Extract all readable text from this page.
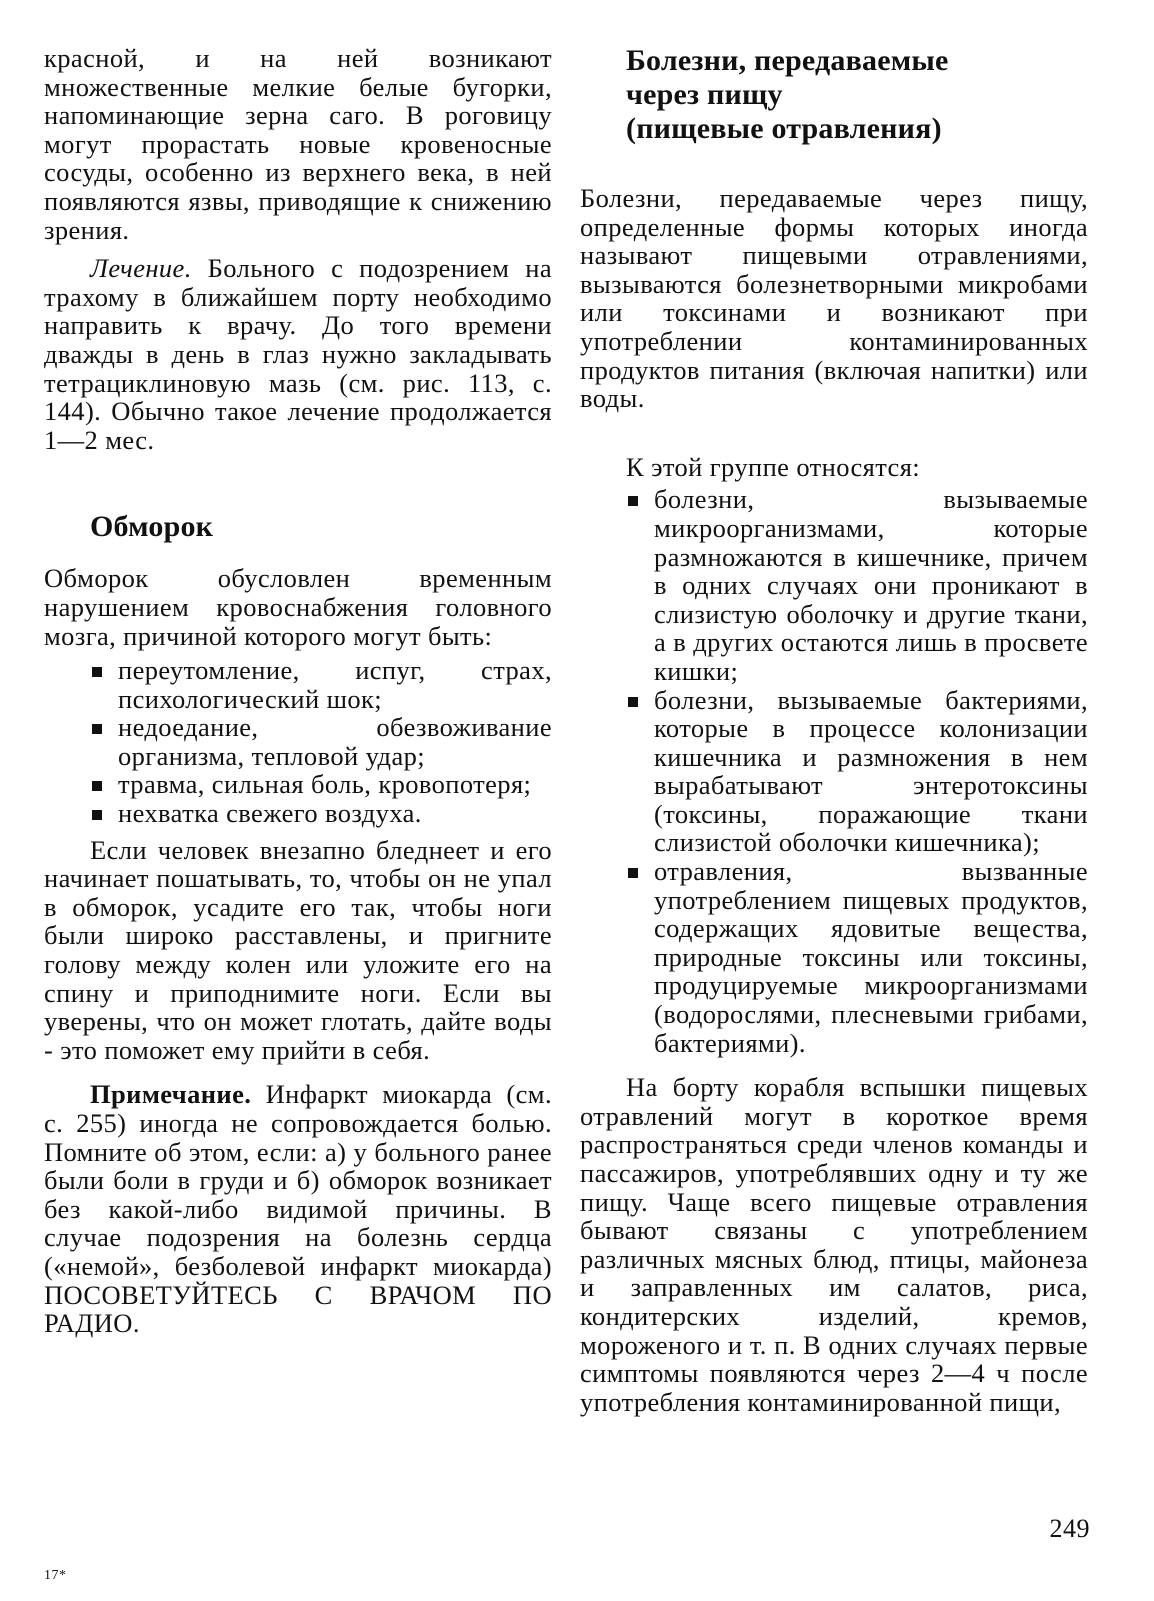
красной, и на ней возникают множественные мелкие белые бугорки, напоминающие зерна саго. В роговицу могут прорастать новые кровеносные сосуды, особенно из верхнего века, в ней появляются язвы, приводящие к снижению зрения.

Лечение. Больного с подозрением на трахому в ближайшем порту необходимо направить к врачу. До того времени дважды в день в глаз нужно закладывать тетрациклиновую мазь (см. рис. 113, с. 144). Обычно такое лечение продолжается 1—2 мес.

Обморок

Обморок обусловлен временным нарушением кровоснабжения головного мозга, причиной которого могут быть:

переутомление, испуг, страх, психологический шок;
недоедание, обезвоживание организма, тепловой удар;
травма, сильная боль, кровопотеря;
нехватка свежего воздуха.

Если человек внезапно бледнеет и его начинает пошатывать, то, чтобы он не упал в обморок, усадите его так, чтобы ноги были широко расставлены, и пригните голову между колен или уложите его на спину и приподнимите ноги. Если вы уверены, что он может глотать, дайте воды - это поможет ему прийти в себя.

Примечание. Инфаркт миокарда (см. с. 255) иногда не сопровождается болью. Помните об этом, если: а) у больного ранее были боли в груди и б) обморок возникает без какой-либо видимой причины. В случае подозрения на болезнь сердца («немой», безболевой инфаркт миокарда) ПОСОВЕТУЙТЕСЬ С ВРАЧОМ ПО РАДИО.

Болезни, передаваемые
через пищу
(пищевые отравления)

Болезни, передаваемые через пищу, определенные формы которых иногда называют пищевыми отравлениями, вызываются болезнетворными микробами или токсинами и возникают при употреблении контаминированных продуктов питания (включая напитки) или воды.

К этой группе относятся:

болезни, вызываемые микроорганизмами, которые размножаются в кишечнике, причем в одних случаях они проникают в слизистую оболочку и другие ткани, а в других остаются лишь в просвете кишки;
болезни, вызываемые бактериями, которые в процессе колонизации кишечника и размножения в нем вырабатывают энтеротоксины (токсины, поражающие ткани слизистой оболочки кишечника);
отравления, вызванные употреблением пищевых продуктов, содержащих ядовитые вещества, природные токсины или токсины, продуцируемые микроорганизмами (водорослями, плесневыми грибами, бактериями).

На борту корабля вспышки пищевых отравлений могут в короткое время распространяться среди членов команды и пассажиров, употреблявших одну и ту же пищу. Чаще всего пищевые отравления бывают связаны с употреблением различных мясных блюд, птицы, майонеза и заправленных им салатов, риса, кондитерских изделий, кремов, мороженого и т. п. В одних случаях первые симптомы появляются через 2—4 ч после употребления контаминированной пищи,

249
17*
